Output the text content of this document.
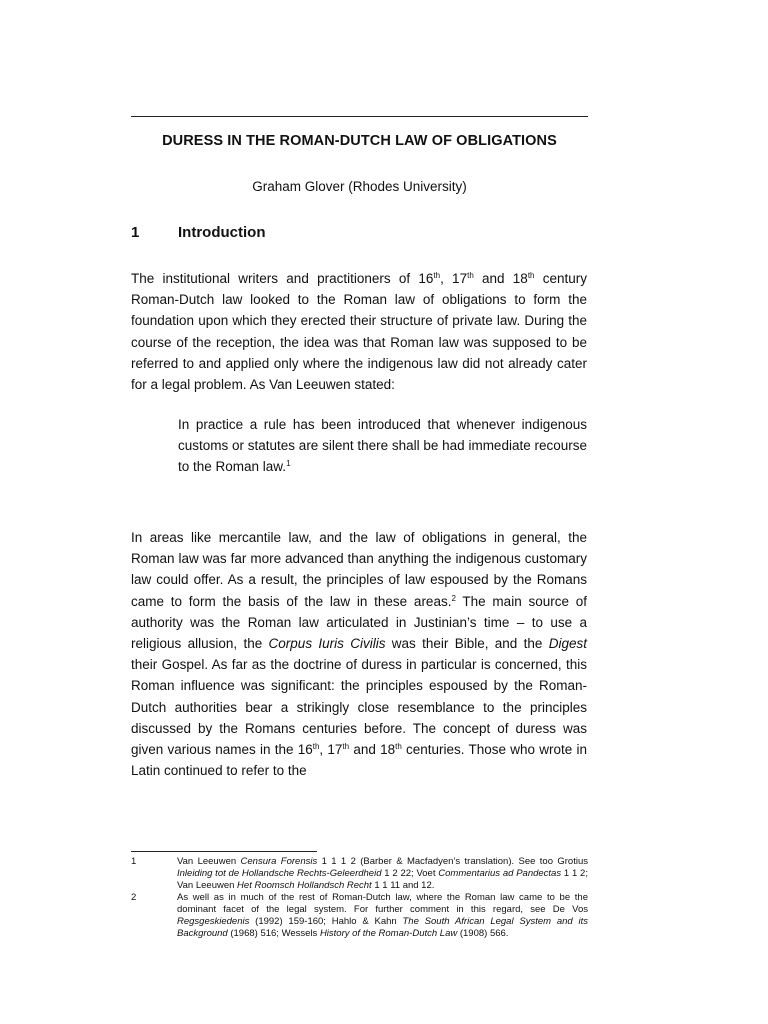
DURESS IN THE ROMAN-DUTCH LAW OF OBLIGATIONS
Graham Glover (Rhodes University)
1	Introduction

The institutional writers and practitioners of 16th, 17th and 18th century Roman-Dutch law looked to the Roman law of obligations to form the foundation upon which they erected their structure of private law. During the course of the reception, the idea was that Roman law was supposed to be referred to and applied only where the indigenous law did not already cater for a legal problem. As Van Leeuwen stated:

In practice a rule has been introduced that whenever indigenous customs or statutes are silent there shall be had immediate recourse to the Roman law.$^1$

In areas like mercantile law, and the law of obligations in general, the Roman law was far more advanced than anything the indigenous customary law could offer. As a result, the principles of law espoused by the Romans came to form the basis of the law in these areas.$^2$ The main source of authority was the Roman law articulated in Justinian’s time – to use a religious allusion, the Corpus Iuris Civilis was their Bible, and the Digest their Gospel. As far as the doctrine of duress in particular is concerned, this Roman influence was significant: the principles espoused by the Roman-Dutch authorities bear a strikingly close resemblance to the principles discussed by the Romans centuries before. The concept of duress was given various names in the 16th, 17th and 18th centuries. Those who wrote in Latin continued to refer to the

1	Van Leeuwen Censura Forensis 1 1 1 2 (Barber & Macfadyen’s translation). See too Grotius Inleiding tot de Hollandsche Rechts-Geleerdheid 1 2 22; Voet Commentarius ad Pandectas 1 1 2; Van Leeuwen Het Roomsch Hollandsch Recht 1 1 11 and 12.
2	As well as in much of the rest of Roman-Dutch law, where the Roman law came to be the dominant facet of the legal system. For further comment in this regard, see De Vos Regsgeskiedenis (1992) 159-160; Hahlo & Kahn The South African Legal System and its Background (1968) 516; Wessels History of the Roman-Dutch Law (1908) 566.
